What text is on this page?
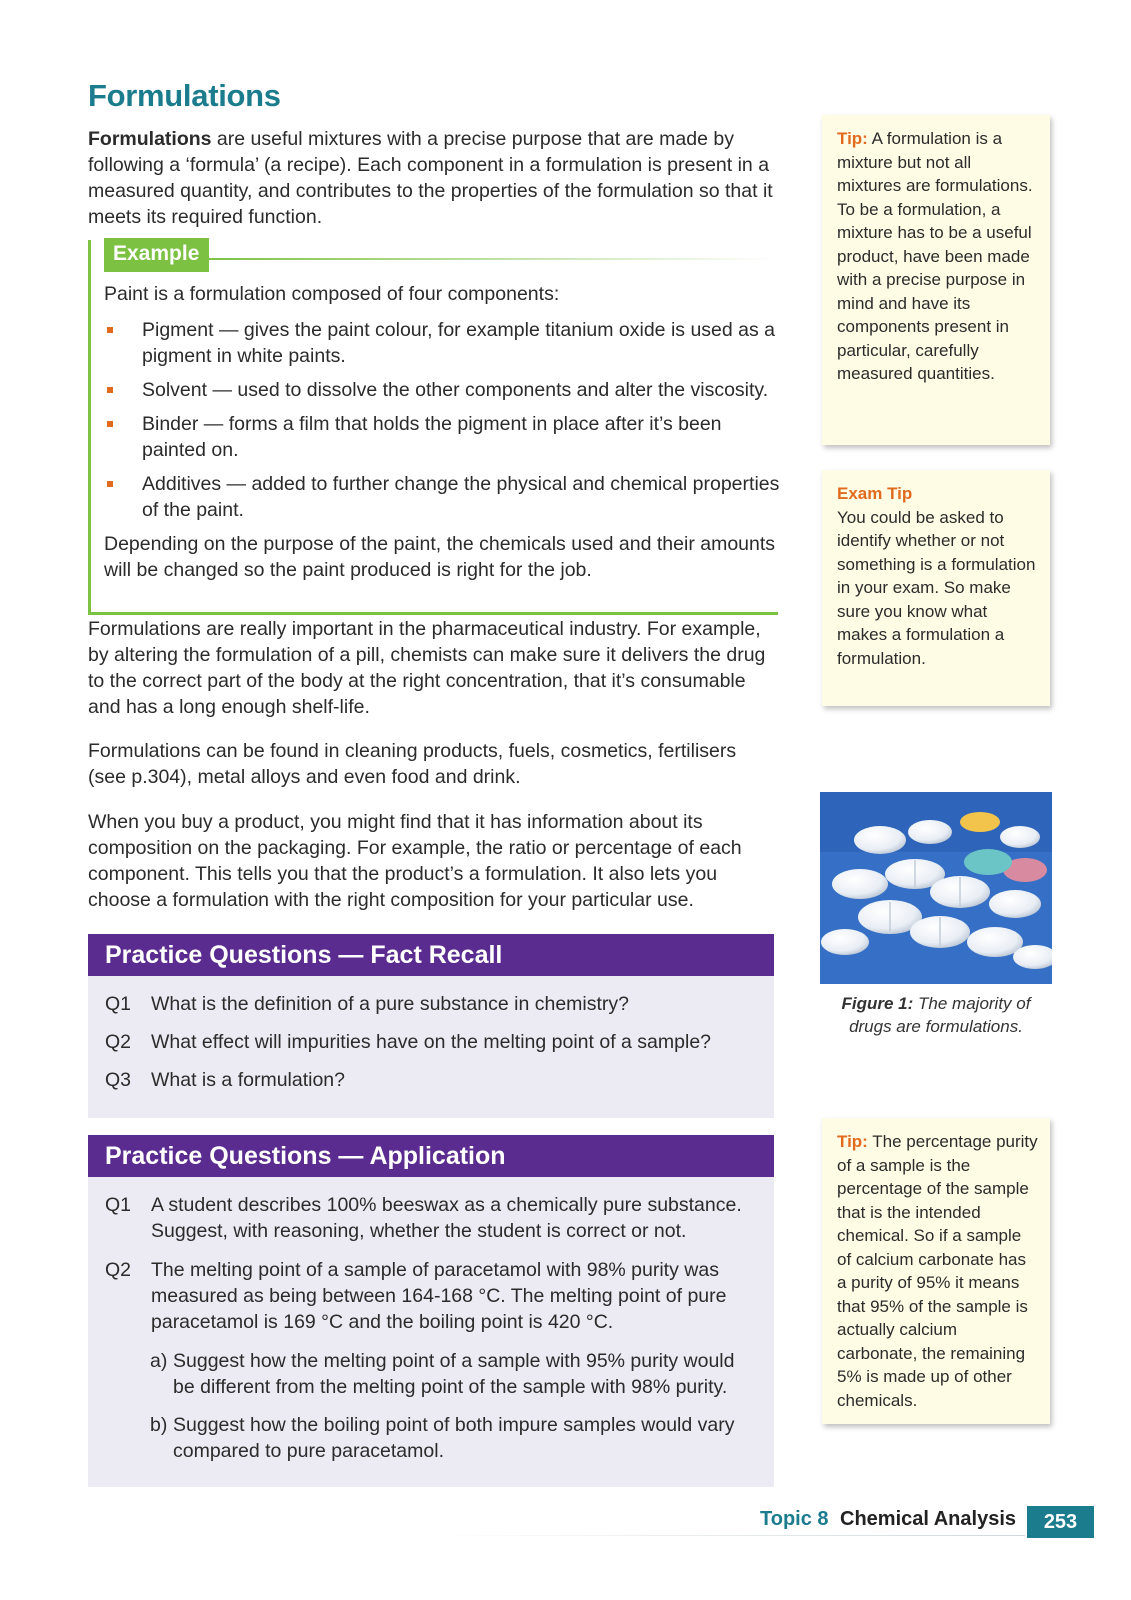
Formulations

Formulations are useful mixtures with a precise purpose that are made by following a ‘formula’ (a recipe). Each component in a formulation is present in a measured quantity, and contributes to the properties of the formulation so that it meets its required function.

Example
Paint is a formulation composed of four components:
Pigment — gives the paint colour, for example titanium oxide is used as a pigment in white paints.
Solvent — used to dissolve the other components and alter the viscosity.
Binder — forms a film that holds the pigment in place after it’s been painted on.
Additives — added to further change the physical and chemical properties of the paint.
Depending on the purpose of the paint, the chemicals used and their amounts will be changed so the paint produced is right for the job.

Formulations are really important in the pharmaceutical industry. For example, by altering the formulation of a pill, chemists can make sure it delivers the drug to the correct part of the body at the right concentration, that it’s consumable and has a long enough shelf-life.

Formulations can be found in cleaning products, fuels, cosmetics, fertilisers (see p.304), metal alloys and even food and drink.

When you buy a product, you might find that it has information about its composition on the packaging. For example, the ratio or percentage of each component. This tells you that the product’s a formulation. It also lets you choose a formulation with the right composition for your particular use.

Practice Questions — Fact Recall
Q1 What is the definition of a pure substance in chemistry?
Q2 What effect will impurities have on the melting point of a sample?
Q3 What is a formulation?
Practice Questions — Application
Q1 A student describes 100% beeswax as a chemically pure substance. Suggest, with reasoning, whether the student is correct or not.
Q2 The melting point of a sample of paracetamol with 98% purity was measured as being between 164-168 °C. The melting point of pure paracetamol is 169 °C and the boiling point is 420 °C.
a) Suggest how the melting point of a sample with 95% purity would be different from the melting point of the sample with 98% purity.
b) Suggest how the boiling point of both impure samples would vary compared to pure paracetamol.
Tip: A formulation is a mixture but not all mixtures are formulations. To be a formulation, a mixture has to be a useful product, have been made with a precise purpose in mind and have its components present in particular, carefully measured quantities.
Exam Tip
You could be asked to identify whether or not something is a formulation in your exam. So make sure you know what makes a formulation a formulation.
Figure 1: The majority of drugs are formulations.
Tip: The percentage purity of a sample is the percentage of the sample that is the intended chemical. So if a sample of calcium carbonate has a purity of 95% it means that 95% of the sample is actually calcium carbonate, the remaining 5% is made up of other chemicals.
Topic 8 Chemical Analysis	253
